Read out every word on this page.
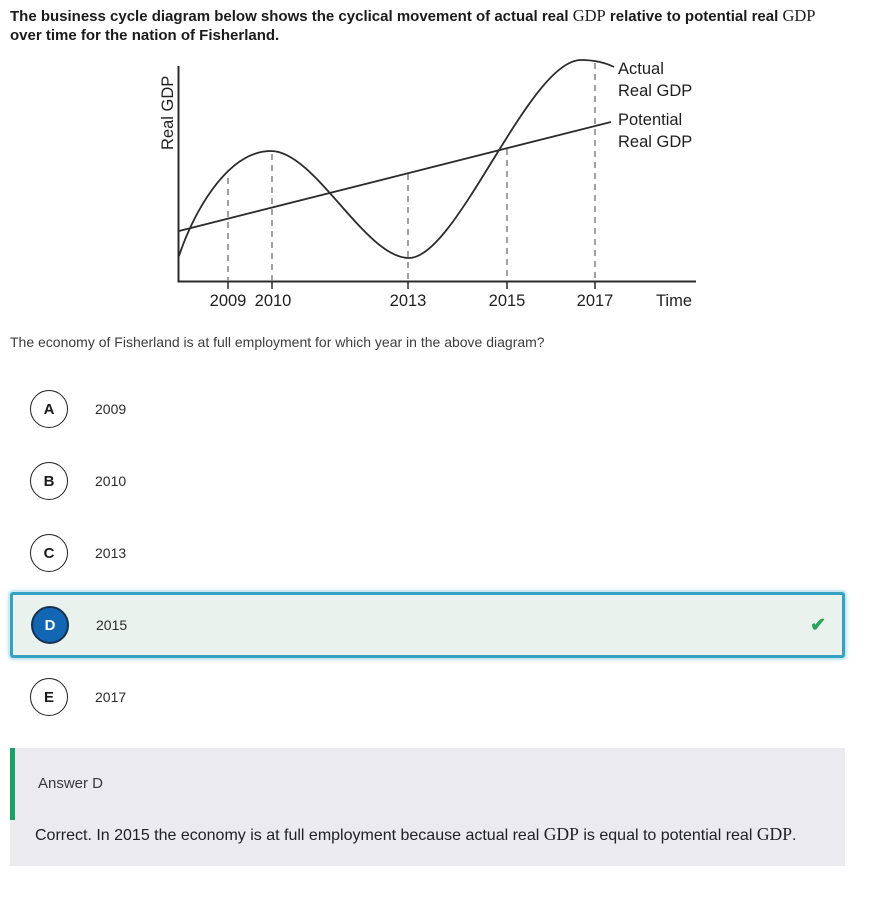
The business cycle diagram below shows the cyclical movement of actual real GDP relative to potential real GDP over time for the nation of Fisherland.
2009 2010	2013	2015	2017	Time
Real GDP
Actual
Real GDP
Potential
Real GDP
The economy of Fisherland is at full employment for which year in the above diagram?
A	2009
B	2010
C	2013
D	2015	✔
E	2017
Answer D
Correct. In 2015 the economy is at full employment because actual real GDP is equal to potential real GDP.
